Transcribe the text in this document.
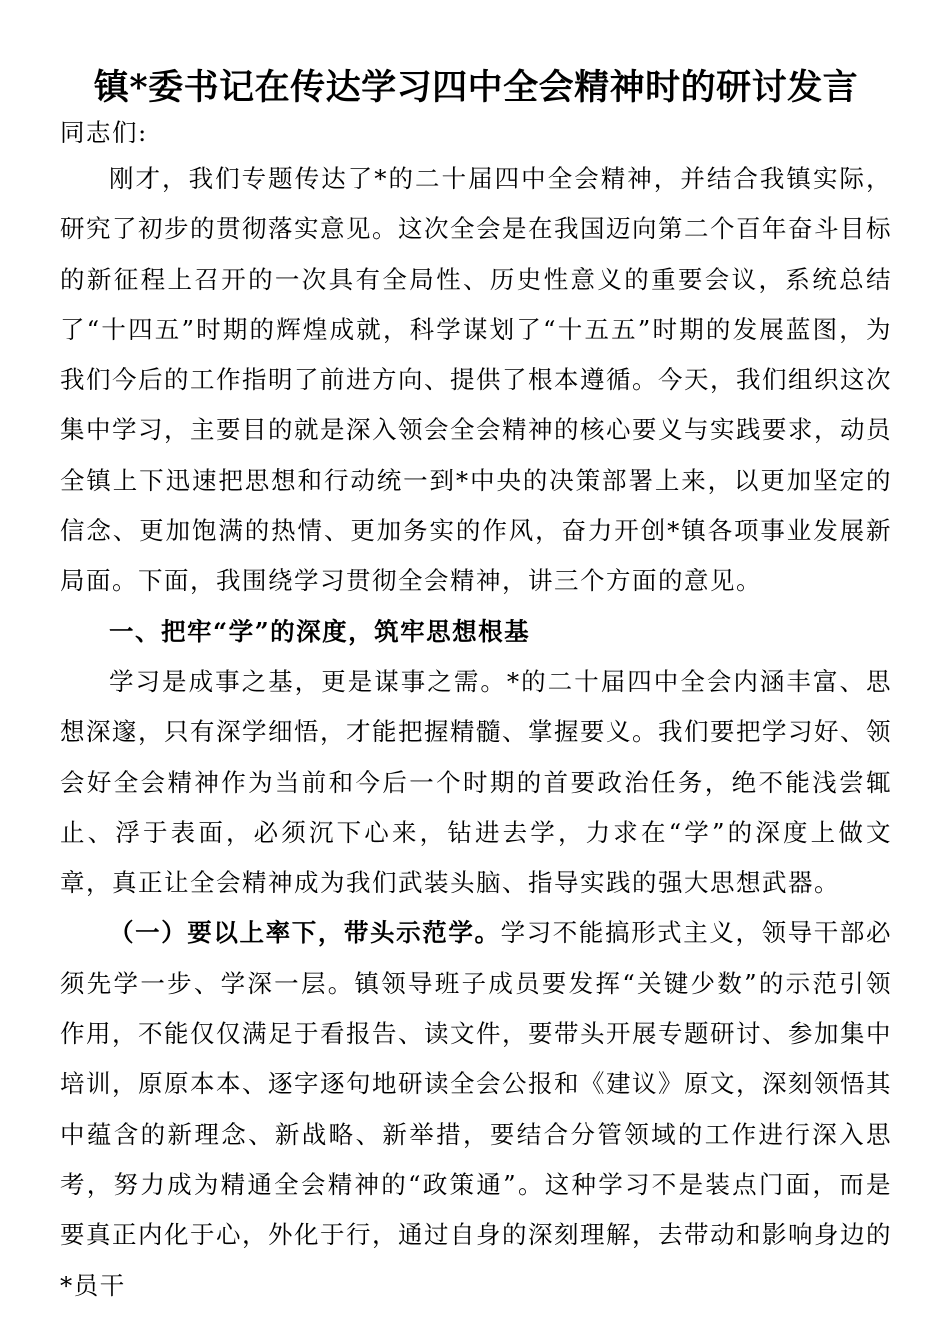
镇*委书记在传达学习四中全会精神时的研讨发言

同志们:

刚才，我们专题传达了*的二十届四中全会精神，并结合我镇实际，研究了初步的贯彻落实意见。这次全会是在我国迈向第二个百年奋斗目标的新征程上召开的一次具有全局性、历史性意义的重要会议，系统总结了“十四五”时期的辉煌成就，科学谋划了“十五五”时期的发展蓝图，为我们今后的工作指明了前进方向、提供了根本遵循。今天，我们组织这次集中学习，主要目的就是深入领会全会精神的核心要义与实践要求，动员全镇上下迅速把思想和行动统一到*中央的决策部署上来，以更加坚定的信念、更加饱满的热情、更加务实的作风，奋力开创*镇各项事业发展新局面。下面，我围绕学习贯彻全会精神，讲三个方面的意见。

一、把牢“学”的深度，筑牢思想根基

学习是成事之基，更是谋事之需。*的二十届四中全会内涵丰富、思想深邃，只有深学细悟，才能把握精髓、掌握要义。我们要把学习好、领会好全会精神作为当前和今后一个时期的首要政治任务，绝不能浅尝辄止、浮于表面，必须沉下心来，钻进去学，力求在“学”的深度上做文章，真正让全会精神成为我们武装头脑、指导实践的强大思想武器。

（一）要以上率下，带头示范学。学习不能搞形式主义，领导干部必须先学一步、学深一层。镇领导班子成员要发挥“关键少数”的示范引领作用，不能仅仅满足于看报告、读文件，要带头开展专题研讨、参加集中培训，原原本本、逐字逐句地研读全会公报和《建议》原文，深刻领悟其中蕴含的新理念、新战略、新举措，要结合分管领域的工作进行深入思考，努力成为精通全会精神的“政策通”。这种学习不是装点门面，而是要真正内化于心，外化于行，通过自身的深刻理解，去带动和影响身边的*员干
